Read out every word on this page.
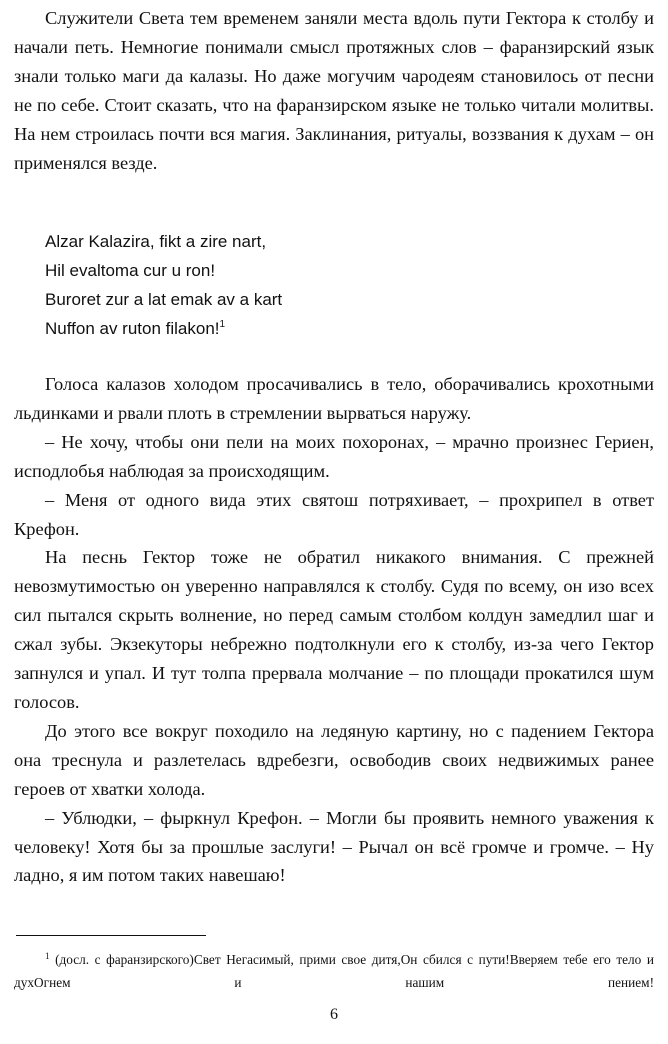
Служители Света тем временем заняли места вдоль пути Гектора к столбу и начали петь. Немногие понимали смысл протяжных слов – фаранзирский язык знали только маги да калазы. Но даже могучим чародеям становилось от песни не по себе. Стоит сказать, что на фаранзирском языке не только читали молитвы. На нем строилась почти вся магия. Заклинания, ритуалы, воззвания к духам – он применялся везде.

Alzar Kalazira, fikt a zire nart,
Hil evaltoma cur u ron!
Buroret zur a lat emak av a kart
Nuffon av ruton filakon!$^1$

Голоса калазов холодом просачивались в тело, оборачивались крохотными льдинками и рвали плоть в стремлении вырваться наружу.

– Не хочу, чтобы они пели на моих похоронах, – мрачно произнес Гериен, исподлобья наблюдая за происходящим.

– Меня от одного вида этих святош потряхивает, – прохрипел в ответ Крефон.

На песнь Гектор тоже не обратил никакого внимания. С прежней невозмутимостью он уверенно направлялся к столбу. Судя по всему, он изо всех сил пытался скрыть волнение, но перед самым столбом колдун замедлил шаг и сжал зубы. Экзекуторы небрежно подтолкнули его к столбу, из-за чего Гектор запнулся и упал. И тут толпа прервала молчание – по площади прокатился шум голосов.

До этого все вокруг походило на ледяную картину, но с падением Гектора она треснула и разлетелась вдребезги, освободив своих недвижимых ранее героев от хватки холода.

– Ублюдки, – фыркнул Крефон. – Могли бы проявить немного уважения к человеку! Хотя бы за прошлые заслуги! – Рычал он всё громче и громче. – Ну ладно, я им потом таких навешаю!

$^1$ (досл. с фаранзирского)Свет Негасимый, прими свое дитя,Он сбился с пути!Вверяем тебе его тело и духОгнем и нашим пением!
6
